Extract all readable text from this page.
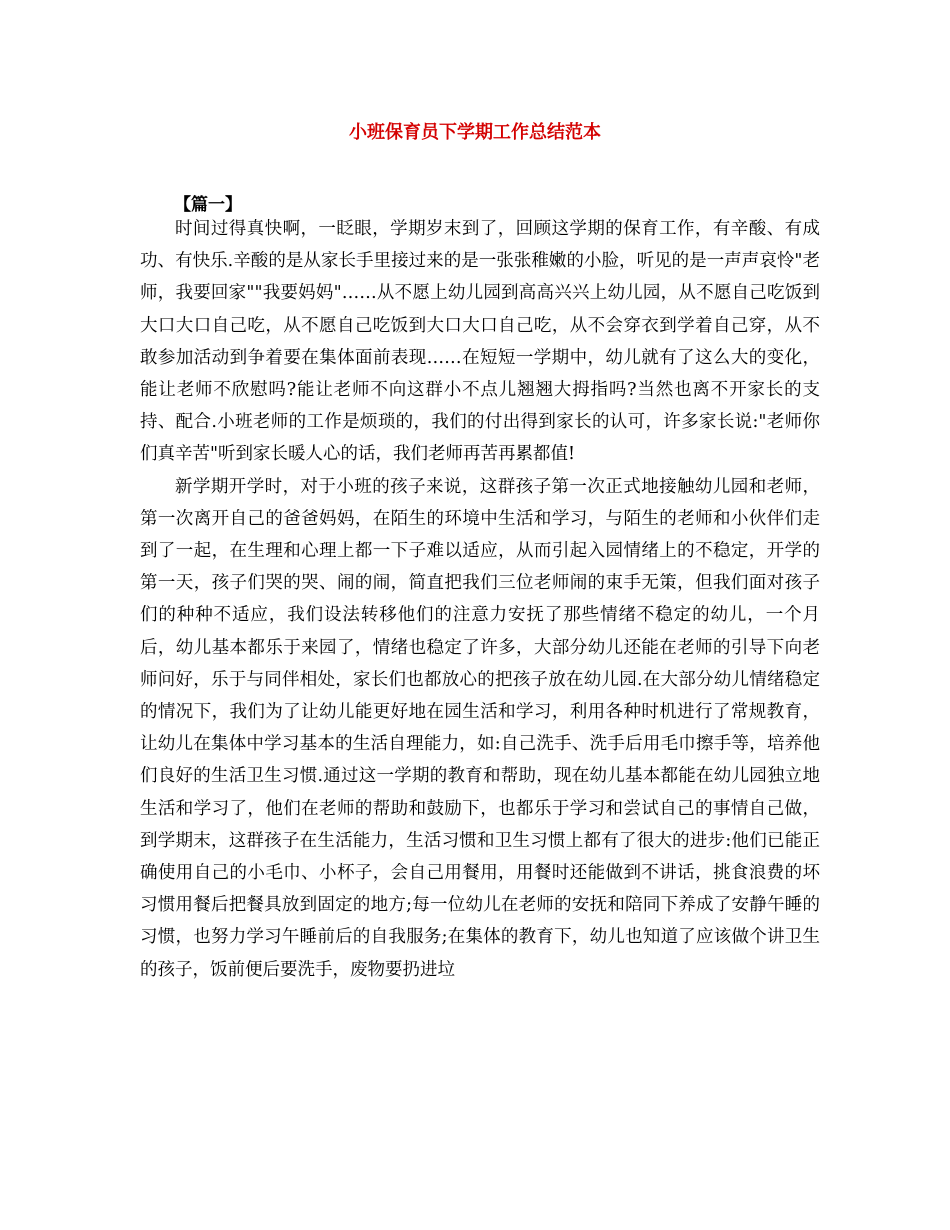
小班保育员下学期工作总结范本
【篇一】

时间过得真快啊，一眨眼，学期岁末到了，回顾这学期的保育工作，有辛酸、有成功、有快乐.辛酸的是从家长手里接过来的是一张张稚嫩的小脸，听见的是一声声哀怜"老师，我要回家""我要妈妈"……从不愿上幼儿园到高高兴兴上幼儿园，从不愿自己吃饭到大口大口自己吃，从不愿自己吃饭到大口大口自己吃，从不会穿衣到学着自己穿，从不敢参加活动到争着要在集体面前表现……在短短一学期中，幼儿就有了这么大的变化，能让老师不欣慰吗?能让老师不向这群小不点儿翘翘大拇指吗?当然也离不开家长的支持、配合.小班老师的工作是烦琐的，我们的付出得到家长的认可，许多家长说:"老师你们真辛苦"听到家长暖人心的话，我们老师再苦再累都值!

新学期开学时，对于小班的孩子来说，这群孩子第一次正式地接触幼儿园和老师，第一次离开自己的爸爸妈妈，在陌生的环境中生活和学习，与陌生的老师和小伙伴们走到了一起，在生理和心理上都一下子难以适应，从而引起入园情绪上的不稳定，开学的第一天，孩子们哭的哭、闹的闹，简直把我们三位老师闹的束手无策，但我们面对孩子们的种种不适应，我们设法转移他们的注意力安抚了那些情绪不稳定的幼儿，一个月后，幼儿基本都乐于来园了，情绪也稳定了许多，大部分幼儿还能在老师的引导下向老师问好，乐于与同伴相处，家长们也都放心的把孩子放在幼儿园.在大部分幼儿情绪稳定的情况下，我们为了让幼儿能更好地在园生活和学习，利用各种时机进行了常规教育，让幼儿在集体中学习基本的生活自理能力，如:自己洗手、洗手后用毛巾擦手等，培养他们良好的生活卫生习惯.通过这一学期的教育和帮助，现在幼儿基本都能在幼儿园独立地生活和学习了，他们在老师的帮助和鼓励下，也都乐于学习和尝试自己的事情自己做，到学期末，这群孩子在生活能力，生活习惯和卫生习惯上都有了很大的进步:他们已能正确使用自己的小毛巾、小杯子，会自己用餐用，用餐时还能做到不讲话，挑食浪费的坏习惯用餐后把餐具放到固定的地方;每一位幼儿在老师的安抚和陪同下养成了安静午睡的习惯，也努力学习午睡前后的自我服务;在集体的教育下，幼儿也知道了应该做个讲卫生的孩子，饭前便后要洗手，废物要扔进垃
